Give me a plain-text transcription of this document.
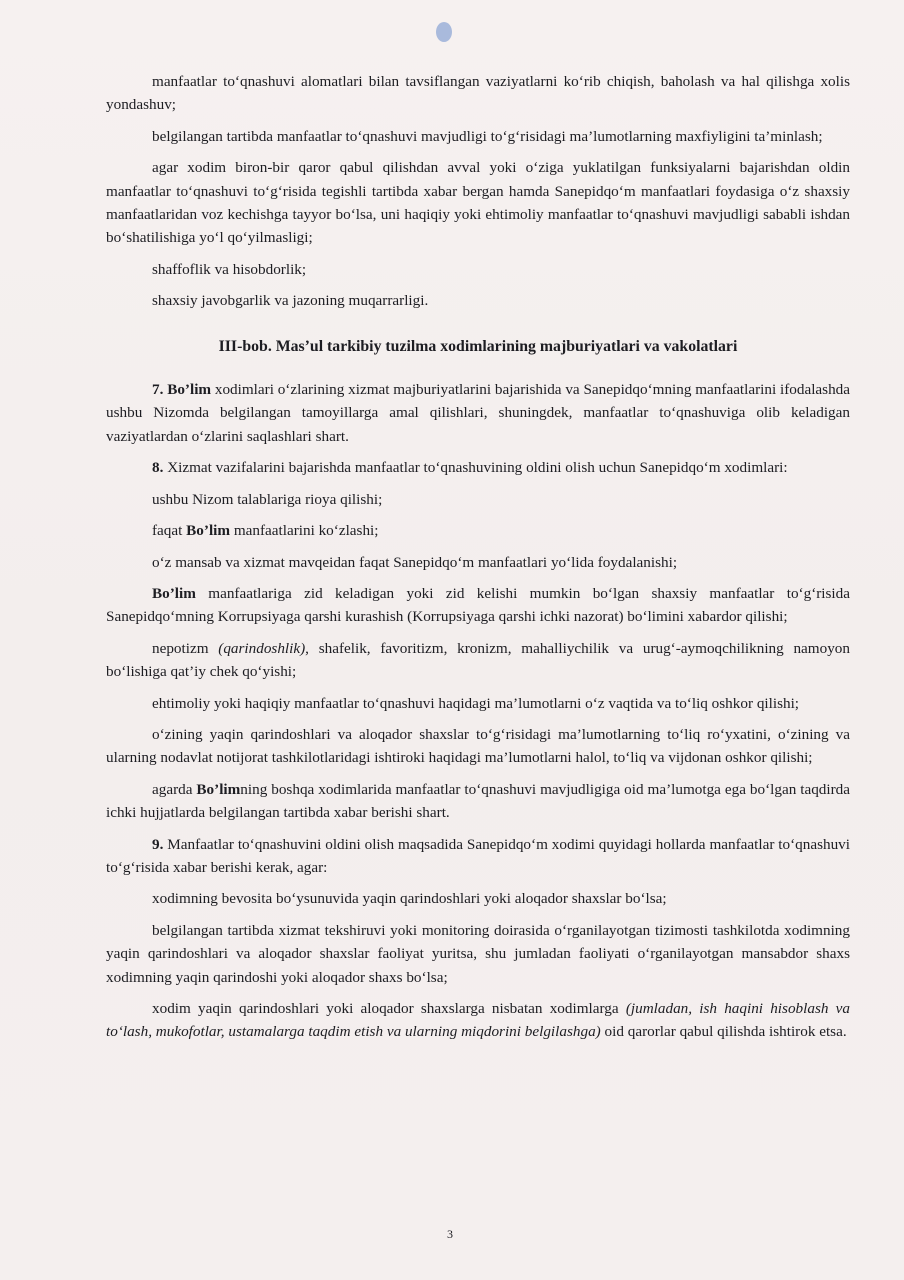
manfaatlar to‘qnashuvi alomatlari bilan tavsiflangan vaziyatlarni ko‘rib chiqish, baholash va hal qilishga xolis yondashuv;

belgilangan tartibda manfaatlar to‘qnashuvi mavjudligi to‘g‘risidagi ma’lumotlarning maxfiyligini ta’minlash;

agar xodim biron-bir qaror qabul qilishdan avval yoki o‘ziga yuklatilgan funksiyalarni bajarishdan oldin manfaatlar to‘qnashuvi to‘g‘risida tegishli tartibda xabar bergan hamda Sanepidqo‘m manfaatlari foydasiga o‘z shaxsiy manfaatlaridan voz kechishga tayyor bo‘lsa, uni haqiqiy yoki ehtimoliy manfaatlar to‘qnashuvi mavjudligi sababli ishdan bo‘shatilishiga yo‘l qo‘yilmasligi;

shaffoflik va hisobdorlik;

shaxsiy javobgarlik va jazoning muqarrarligi.

III-bob. Mas’ul tarkibiy tuzilma xodimlarining majburiyatlari va vakolatlari

7. Bo’lim xodimlari o‘zlarining xizmat majburiyatlarini bajarishida va Sanepidqo‘mning manfaatlarini ifodalashda ushbu Nizomda belgilangan tamoyillarga amal qilishlari, shuningdek, manfaatlar to‘qnashuviga olib keladigan vaziyatlardan o‘zlarini saqlashlari shart.

8. Xizmat vazifalarini bajarishda manfaatlar to‘qnashuvining oldini olish uchun Sanepidqo‘m xodimlari:

ushbu Nizom talablariga rioya qilishi;

faqat Bo’lim manfaatlarini ko‘zlashi;

o‘z mansab va xizmat mavqeidan faqat Sanepidqo‘m manfaatlari yo‘lida foydalanishi;

Bo’lim manfaatlariga zid keladigan yoki zid kelishi mumkin bo‘lgan shaxsiy manfaatlar to‘g‘risida Sanepidqo‘mning Korrupsiyaga qarshi kurashish (Korrupsiyaga qarshi ichki nazorat) bo‘limini xabardor qilishi;

nepotizm (qarindoshlik), shafelik, favoritizm, kronizm, mahalliychilik va urug‘-aymoqchilikning namoyon bo‘lishiga qat’iy chek qo‘yishi;

ehtimoliy yoki haqiqiy manfaatlar to‘qnashuvi haqidagi ma’lumotlarni o‘z vaqtida va to‘liq oshkor qilishi;

o‘zining yaqin qarindoshlari va aloqador shaxslar to‘g‘risidagi ma’lumotlarning to‘liq ro‘yxatini, o‘zining va ularning nodavlat notijorat tashkilotlaridagi ishtiroki haqidagi ma’lumotlarni halol, to‘liq va vijdonan oshkor qilishi;

agarda Bo’limning boshqa xodimlarida manfaatlar to‘qnashuvi mavjudligiga oid ma’lumotga ega bo‘lgan taqdirda ichki hujjatlarda belgilangan tartibda xabar berishi shart.

9. Manfaatlar to‘qnashuvini oldini olish maqsadida Sanepidqo‘m xodimi quyidagi hollarda manfaatlar to‘qnashuvi to‘g‘risida xabar berishi kerak, agar:

xodimning bevosita bo‘ysunuvida yaqin qarindoshlari yoki aloqador shaxslar bo‘lsa;

belgilangan tartibda xizmat tekshiruvi yoki monitoring doirasida o‘rganilayotgan tizimosti tashkilotda xodimning yaqin qarindoshlari va aloqador shaxslar faoliyat yuritsa, shu jumladan faoliyati o‘rganilayotgan mansabdor shaxs xodimning yaqin qarindoshi yoki aloqador shaxs bo‘lsa;

xodim yaqin qarindoshlari yoki aloqador shaxslarga nisbatan xodimlarga (jumladan, ish haqini hisoblash va to‘lash, mukofotlar, ustamalarga taqdim etish va ularning miqdorini belgilashga) oid qarorlar qabul qilishda ishtirok etsa.

3
